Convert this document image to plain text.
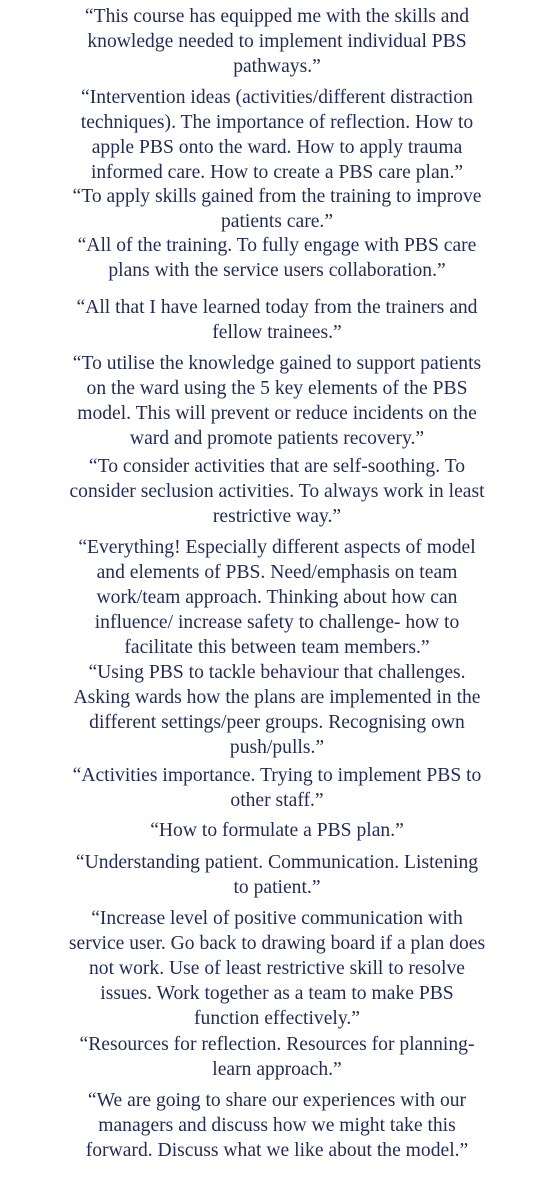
“This course has equipped me with the skills and
knowledge needed to implement individual PBS
pathways.”

“Intervention ideas (activities/different distraction
techniques). The importance of reflection. How to
apple PBS onto the ward. How to apply trauma
informed care. How to create a PBS care plan.”

“To apply skills gained from the training to improve
patients care.”

“All of the training. To fully engage with PBS care
plans with the service users collaboration.”

“All that I have learned today from the trainers and
fellow trainees.”

“To utilise the knowledge gained to support patients
on the ward using the 5 key elements of the PBS
model. This will prevent or reduce incidents on the
ward and promote patients recovery.”

“To consider activities that are self-soothing. To
consider seclusion activities. To always work in least
restrictive way.”

“Everything! Especially different aspects of model
and elements of PBS. Need/emphasis on team
work/team approach. Thinking about how can
influence/ increase safety to challenge- how to
facilitate this between team members.”

“Using PBS to tackle behaviour that challenges.
Asking wards how the plans are implemented in the
different settings/peer groups. Recognising own
push/pulls.”

“Activities importance. Trying to implement PBS to
other staff.”

“How to formulate a PBS plan.”

“Understanding patient. Communication. Listening
to patient.”

“Increase level of positive communication with
service user. Go back to drawing board if a plan does
not work. Use of least restrictive skill to resolve
issues. Work together as a team to make PBS
function effectively.”

“Resources for reflection. Resources for planning-
learn approach.”

“We are going to share our experiences with our
managers and discuss how we might take this
forward. Discuss what we like about the model.”
